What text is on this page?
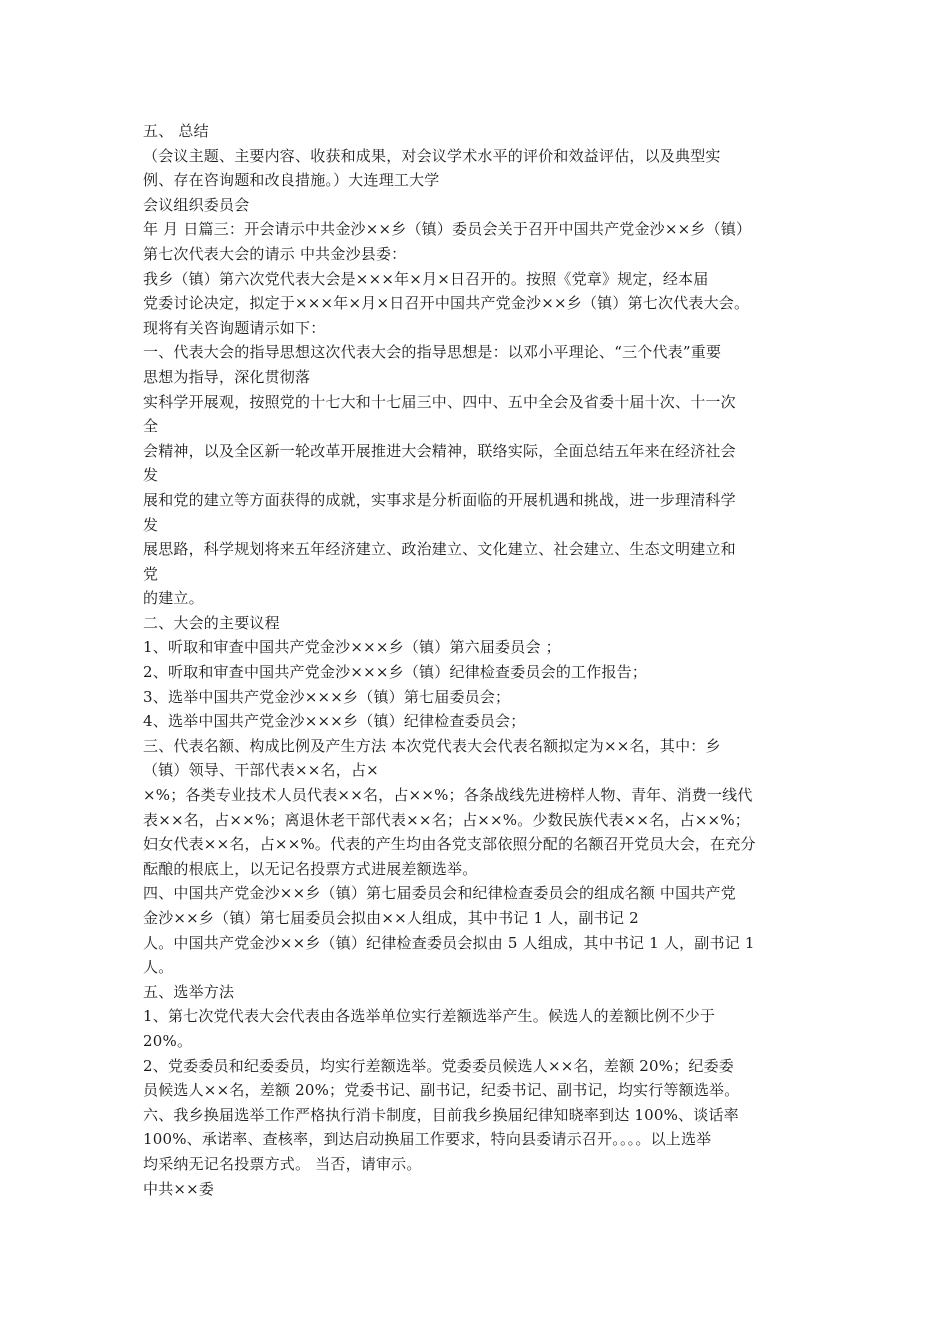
五、 总结
（会议主题、主要内容、收获和成果，对会议学术水平的评价和效益评估，以及典型实
例、存在咨询题和改良措施。）大连理工大学
会议组织委员会
年 月 日篇三：开会请示中共金沙××乡（镇）委员会关于召开中国共产党金沙××乡（镇）
第七次代表大会的请示 中共金沙县委：
我乡（镇）第六次党代表大会是×××年×月×日召开的。按照《党章》规定，经本届
党委讨论决定，拟定于×××年×月×日召开中国共产党金沙××乡（镇）第七次代表大会。
现将有关咨询题请示如下：
一、代表大会的指导思想这次代表大会的指导思想是：以邓小平理论、“三个代表”重要
思想为指导，深化贯彻落
实科学开展观，按照党的十七大和十七届三中、四中、五中全会及省委十届十次、十一次
全
会精神，以及全区新一轮改革开展推进大会精神，联络实际，全面总结五年来在经济社会
发
展和党的建立等方面获得的成就，实事求是分析面临的开展机遇和挑战，进一步理清科学
发
展思路，科学规划将来五年经济建立、政治建立、文化建立、社会建立、生态文明建立和
党
的建立。
二、大会的主要议程
1、听取和审查中国共产党金沙×××乡（镇）第六届委员会 ；
2、听取和审查中国共产党金沙×××乡（镇）纪律检查委员会的工作报告；
3、选举中国共产党金沙×××乡（镇）第七届委员会；
4、选举中国共产党金沙×××乡（镇）纪律检查委员会；
三、代表名额、构成比例及产生方法 本次党代表大会代表名额拟定为××名，其中：乡
（镇）领导、干部代表××名，占×
×%；各类专业技术人员代表××名，占××%；各条战线先进榜样人物、青年、消费一线代
表××名，占××%；离退休老干部代表××名；占××%。少数民族代表××名，占××%；
妇女代表××名，占××%。代表的产生均由各党支部依照分配的名额召开党员大会，在充分
酝酿的根底上，以无记名投票方式进展差额选举。
四、中国共产党金沙××乡（镇）第七届委员会和纪律检查委员会的组成名额 中国共产党
金沙××乡（镇）第七届委员会拟由××人组成，其中书记 1 人，副书记 2
人。中国共产党金沙××乡（镇）纪律检查委员会拟由 5 人组成，其中书记 1 人，副书记 1
人。
五、选举方法
1、第七次党代表大会代表由各选举单位实行差额选举产生。候选人的差额比例不少于
20%。
2、党委委员和纪委委员，均实行差额选举。党委委员候选人××名，差额 20%；纪委委
员候选人××名，差额 20%；党委书记、副书记，纪委书记、副书记，均实行等额选举。
六、我乡换届选举工作严格执行消卡制度，目前我乡换届纪律知晓率到达 100%、谈话率
100%、承诺率、查核率，到达启动换届工作要求，特向县委请示召开。。。。以上选举
均采纳无记名投票方式。 当否，请审示。
中共××委
